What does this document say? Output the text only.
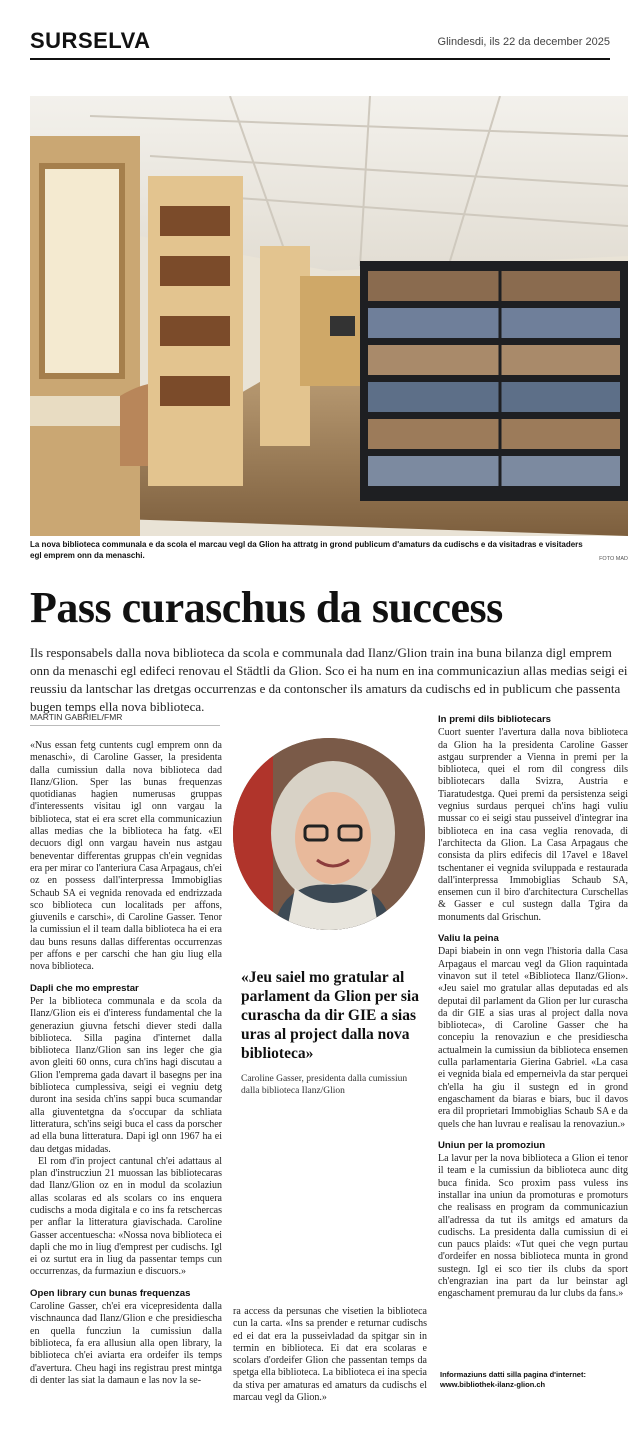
SURSELVA	Glindesdi, ils 22 da december 2025
La nova biblioteca communala e da scola el marcau vegl da Glion ha attratg in grond publicum d'amaturs da cudischs e da visitadras e visitaders egl emprem onn da menaschi.	FOTO MAD
Pass curaschus da success
Ils responsabels dalla nova biblioteca da scola e communala dad Ilanz/Glion train ina buna bilanza digl emprem onn da menaschi egl edifeci renovau el Städtli da Glion. Sco ei ha num en ina communicaziun allas medias seigi ei reussiu da lantschar las dretgas occurrenzas e da contonscher ils amaturs da cudischs ed in publicum che passenta bugen temps ella nova biblioteca.
MARTIN GABRIEL/FMR

«Nus essan fetg cuntents cugl emprem onn da menaschi», di Caroline Gasser, la presidenta dalla cumissiun dalla nova biblioteca dad Ilanz/Glion. Sper las bunas frequenzas quotidianas hagien numerusas gruppas d'interessents visitau igl onn vargau la biblioteca, stat ei era scret ella communicaziun allas medias che la biblioteca ha fatg. «El decuors digl onn vargau havein nus astgau beneventar differentas gruppas ch'ein vegnidas era per mirar co l'anteriura Casa Arpagaus, ch'ei oz en possess dall'interpressa Immobiglias Schaub SA ei vegnida renovada ed endrizzada sco biblioteca cun localitads per affons, giuvenils e carschi», di Caroline Gasser. Tenor la cumissiun el il team dalla biblioteca ha ei era dau buns resuns dallas differentas occurrenzas per affons e per carschi che han giu liug ella nova biblioteca.

Dapli che mo emprestar

Per la biblioteca communala e da scola da Ilanz/Glion eis ei d'interess fundamental che la generaziun giuvna fetschi diever stedi dalla biblioteca. Silla pagina d'internet dalla biblioteca Ilanz/Glion san ins leger che gia avon gleiti 60 onns, cura ch'ins hagi discutau a Glion l'emprema gada davart il basegns per ina biblioteca cumplessiva, seigi ei vegniu detg duront ina sesida ch'ins sappi buca scumandar alla giuventetgna da s'occupar da schliata litteratura, sch'ins seigi buca el cass da porscher ad ella buna litteratura. Dapi igl onn 1967 ha ei dau detgas midadas.

El rom d'in project cantunal ch'ei adattaus al plan d'instrucziun 21 muossan las bibliotecaras dad Ilanz/Glion oz en in modul da scolaziun allas scolaras ed als scolars co ins enquera cudischs a moda digitala e co ins fa retschercas per anflar la litteratura giavischada. Caroline Gasser accentuescha: «Nossa nova biblioteca ei dapli che mo in liug d'emprest per cudischs. Igl ei oz surtut era in liug da passentar temps cun occurrenzas, da furmaziun e discuors.»

Open library cun bunas frequenzas

Caroline Gasser, ch'ei era vicepresidenta dalla vischnaunca dad Ilanz/Glion e che presidiescha en quella funcziun la cumissiun dalla biblioteca, fa era allusiun alla open library, la biblioteca ch'ei aviarta era ordeifer ils temps d'avertura. Cheu hagi ins registrau prest mintga di denter las siat la damaun e las nov la se-

«Jeu saiel mo gratular al parlament da Glion per sia curascha da dir GIE a sias uras al project dalla nova biblioteca»
Caroline Gasser, presidenta dalla cumissiun dalla biblioteca Ilanz/Glion

ra access da persunas che visetien la biblioteca cun la carta. «Ins sa prender e returnar cudischs ed ei dat era la pusseivladad da spitgar sin in termin en biblioteca. Ei dat era scolaras e scolars d'ordeifer Glion che passentan temps da spetga ella biblioteca. La biblioteca ei ina specia da stiva per amaturas ed amaturs da cudischs el marcau vegl da Glion.»

In premi dils bibliotecars

Cuort suenter l'avertura dalla nova biblioteca da Glion ha la presidenta Caroline Gasser astgau surprender a Vienna in premi per la biblioteca, quei el rom dil congress dils bibliotecars dalla Svizra, Austria e Tiaratudestga. Quei premi da persistenza seigi vegnius surdaus perquei ch'ins hagi vuliu mussar co ei seigi stau pusseivel d'integrar ina biblioteca en ina casa veglia renovada, di l'architecta da Glion. La Casa Arpagaus che consista da plirs edifecis dil 17avel e 18avel tschentaner ei vegnida sviluppada e restaurada dall'interpressa Immobiglias Schaub SA, ensemen cun il biro d'architectura Curschellas & Gasser e cul sustegn dalla Tgira da monuments dal Grischun.

Valiu la peina

Dapi biabein in onn vegn l'historia dalla Casa Arpagaus el marcau vegl da Glion raquintada vinavon sut il tetel «Biblioteca Ilanz/Glion». «Jeu saiel mo gratular allas deputadas ed als deputai dil parlament da Glion per lur curascha da dir GIE a sias uras al project dalla nova biblioteca», di Caroline Gasser che ha concepiu la renovaziun e che presidiescha actualmein la cumissiun da biblioteca ensemen culla parlamentaria Gierina Gabriel. «La casa ei vegnida biala ed emperneivla da star perquei ch'ella ha giu il sustegn ed in grond engaschament da biaras e biars, buc il davos era dil proprietari Immobiglias Schaub SA e da quels che han luvrau e realisau la renovaziun.»

Uniun per la promoziun

La lavur per la nova biblioteca a Glion ei tenor il team e la cumissiun da biblioteca aunc ditg buca finida. Sco proxim pass vuless ins installar ina uniun da promoturas e promoturs che realisass en program da communicaziun all'adressa da tut ils amitgs ed amaturs da cudischs. La presidenta dalla cumissiun di ei cun paucs plaids: «Tut quei che vegn purtau d'ordeifer en nossa biblioteca munta in grond sustegn. Igl ei sco tier ils clubs da sport ch'engrazian ina part da lur beinstar agl engaschament premurau da lur clubs da fans.»

Informaziuns datti silla pagina d'internet: www.bibliothek-ilanz-glion.ch
